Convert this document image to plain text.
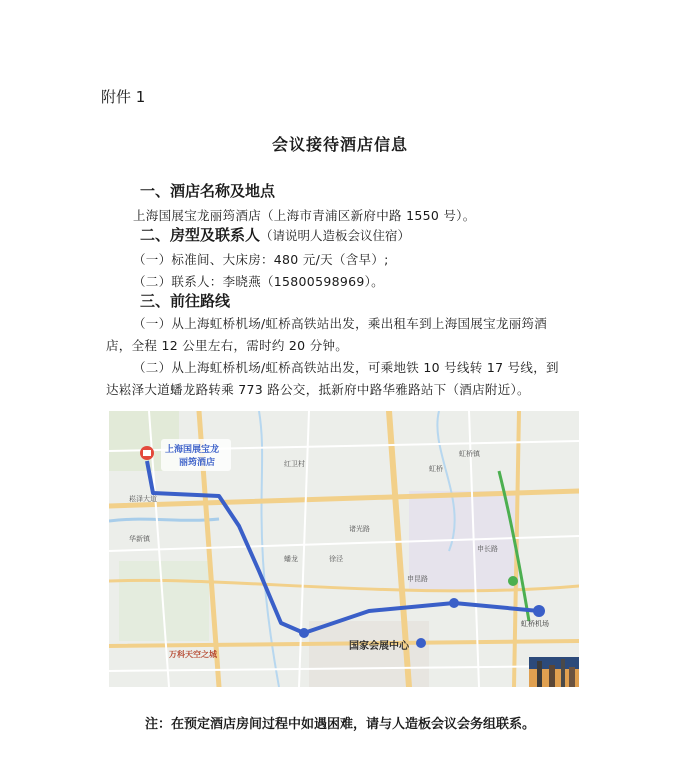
附件 1
会议接待酒店信息
一、酒店名称及地点
上海国展宝龙丽筠酒店（上海市青浦区新府中路 1550 号）。
二、房型及联系人（请说明人造板会议住宿）
（一）标准间、大床房：480 元/天（含早）;
（二）联系人：李晓燕（15800598969）。
三、前往路线
（一）从上海虹桥机场/虹桥高铁站出发，乘出租车到上海国展宝龙丽筠酒
店，全程 12 公里左右，需时约 20 分钟。
（二）从上海虹桥机场/虹桥高铁站出发，可乘地铁 10 号线转 17 号线，到
达崧泽大道蟠龙路转乘 773 路公交，抵新府中路华雅路站下（酒店附近）。
上海国展宝龙
丽筠酒店
国家会展中心
虹桥机场
万科天空之城
红卫村
虹桥
蟠龙
诸光路
徐泾
华新镇
申昆路
申长路
虹桥镇
崧泽大道
注：在预定酒店房间过程中如遇困难，请与人造板会议会务组联系。
